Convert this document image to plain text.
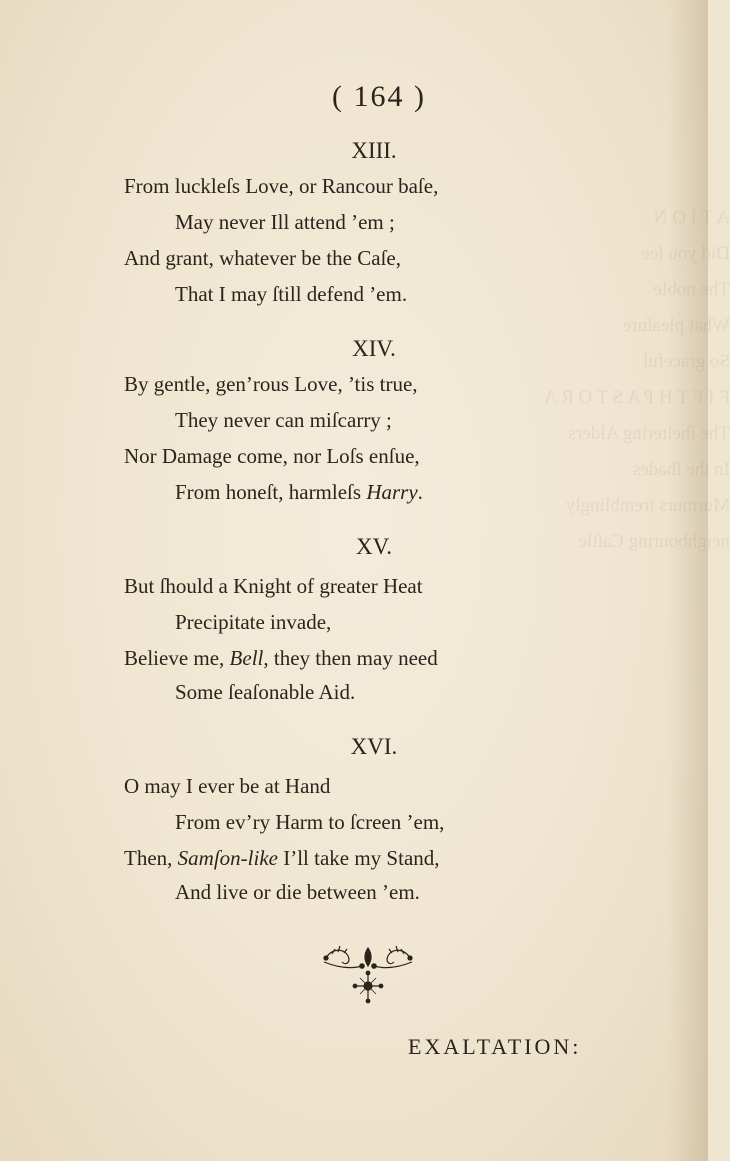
A T I O N
Did you ſee
The noble
What pleaſure
So graceful
F I F T H P A S T O R A
The ſheltering Alders
In the ſhades
Murmurs tremblingly
neighbouring Caſtle
( 164 )
XIII.
From luckleſs Love, or Rancour baſe,
May never Ill attend ’em ;
And grant, whatever be the Caſe,
That I may ſtill defend ’em.
XIV.
By gentle, gen’rous Love, ’tis true,
They never can miſcarry ;
Nor Damage come, nor Loſs enſue,
From honeſt, harmleſs Harry.
XV.
But ſhould a Knight of greater Heat
Precipitate invade,
Believe me, Bell, they then may need
Some ſeaſonable Aid.
XVI.
O may I ever be at Hand
From ev’ry Harm to ſcreen ’em,
Then, Samſon-like I’ll take my Stand,
And live or die between ’em.
EXALTATION:
